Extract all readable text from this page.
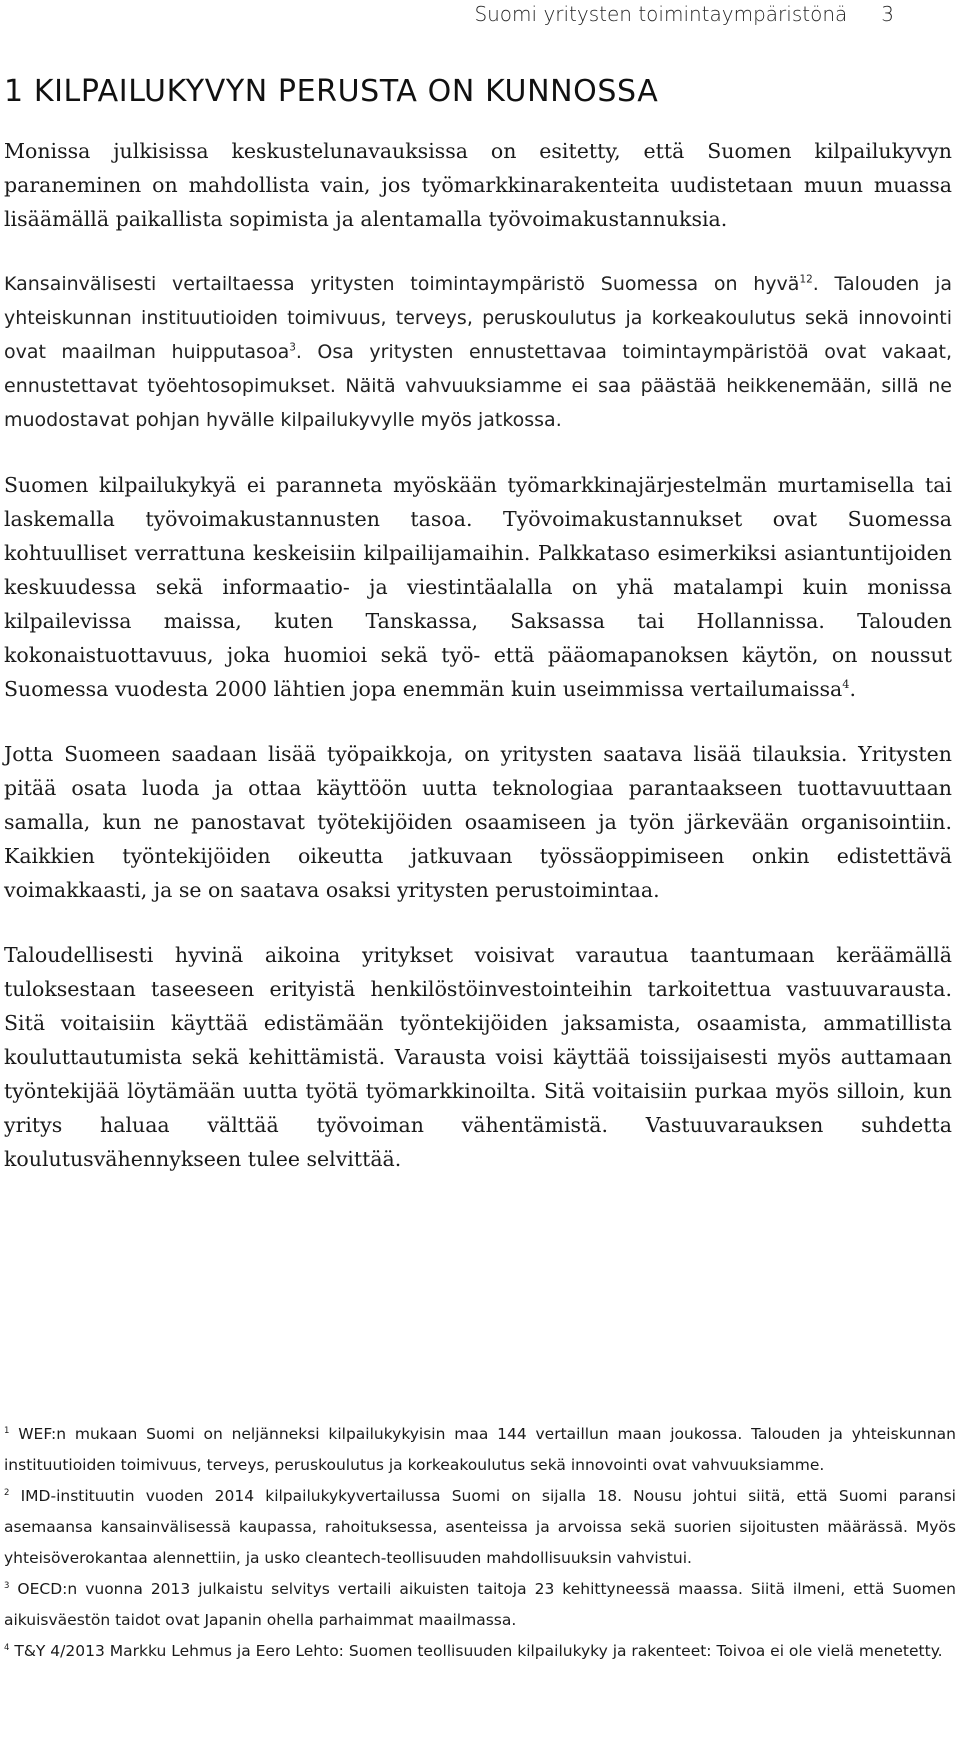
Suomi yritysten toimintaympäristönä 3
1 KILPAILUKYVYN PERUSTA ON KUNNOSSA

Monissa julkisissa keskustelunavauksissa on esitetty, että Suomen kilpailukyvyn paraneminen on mahdollista vain, jos työmarkkinarakenteita uudistetaan muun muassa lisäämällä paikallista sopimista ja alentamalla työvoimakustannuksia.

Kansainvälisesti vertailtaessa yritysten toimintaympäristö Suomessa on hyvä$^{12}$. Talouden ja yhteiskunnan instituutioiden toimivuus, terveys, peruskoulutus ja korkeakoulutus sekä innovointi ovat maailman huipputasoa$^3$. Osa yritysten ennustettavaa toimintaympäristöä ovat vakaat, ennustettavat työehtosopimukset. Näitä vahvuuksiamme ei saa päästää heikkenemään, sillä ne muodostavat pohjan hyvälle kilpailukyvylle myös jatkossa.

Suomen kilpailukykyä ei paranneta myöskään työmarkkinajärjestelmän murtamisella tai laskemalla työvoimakustannusten tasoa. Työvoimakustannukset ovat Suomessa kohtuulliset verrattuna keskeisiin kilpailijamaihin. Palkkataso esimerkiksi asiantuntijoiden keskuudessa sekä informaatio- ja viestintäalalla on yhä matalampi kuin monissa kilpailevissa maissa, kuten Tanskassa, Saksassa tai Hollannissa. Talouden kokonaistuottavuus, joka huomioi sekä työ- että pääomapanoksen käytön, on noussut Suomessa vuodesta 2000 lähtien jopa enemmän kuin useimmissa vertailumaissa$^4$.

Jotta Suomeen saadaan lisää työpaikkoja, on yritysten saatava lisää tilauksia. Yritysten pitää osata luoda ja ottaa käyttöön uutta teknologiaa parantaakseen tuottavuuttaan samalla, kun ne panostavat työtekijöiden osaamiseen ja työn järkevään organisointiin. Kaikkien työntekijöiden oikeutta jatkuvaan työssäoppimiseen onkin edistettävä voimakkaasti, ja se on saatava osaksi yritysten perustoimintaa.

Taloudellisesti hyvinä aikoina yritykset voisivat varautua taantumaan keräämällä tuloksestaan taseeseen erityistä henkilöstöinvestointeihin tarkoitettua vastuuvarausta. Sitä voitaisiin käyttää edistämään työntekijöiden jaksamista, osaamista, ammatillista kouluttautumista sekä kehittämistä. Varausta voisi käyttää toissijaisesti myös auttamaan työntekijää löytämään uutta työtä työmarkkinoilta. Sitä voitaisiin purkaa myös silloin, kun yritys haluaa välttää työvoiman vähentämistä. Vastuuvarauksen suhdetta koulutusvähennykseen tulee selvittää.

$^1$ WEF:n mukaan Suomi on neljänneksi kilpailukykyisin maa 144 vertaillun maan joukossa. Talouden ja yhteiskunnan instituutioiden toimivuus, terveys, peruskoulutus ja korkeakoulutus sekä innovointi ovat vahvuuksiamme.

$^2$ IMD-instituutin vuoden 2014 kilpailukykyvertailussa Suomi on sijalla 18. Nousu johtui siitä, että Suomi paransi asemaansa kansainvälisessä kaupassa, rahoituksessa, asenteissa ja arvoissa sekä suorien sijoitusten määrässä. Myös yhteisöverokantaa alennettiin, ja usko cleantech-teollisuuden mahdollisuuksin vahvistui.

$^3$ OECD:n vuonna 2013 julkaistu selvitys vertaili aikuisten taitoja 23 kehittyneessä maassa. Siitä ilmeni, että Suomen aikuisväestön taidot ovat Japanin ohella parhaimmat maailmassa.

$^4$ T&Y 4/2013 Markku Lehmus ja Eero Lehto: Suomen teollisuuden kilpailukyky ja rakenteet: Toivoa ei ole vielä menetetty.
